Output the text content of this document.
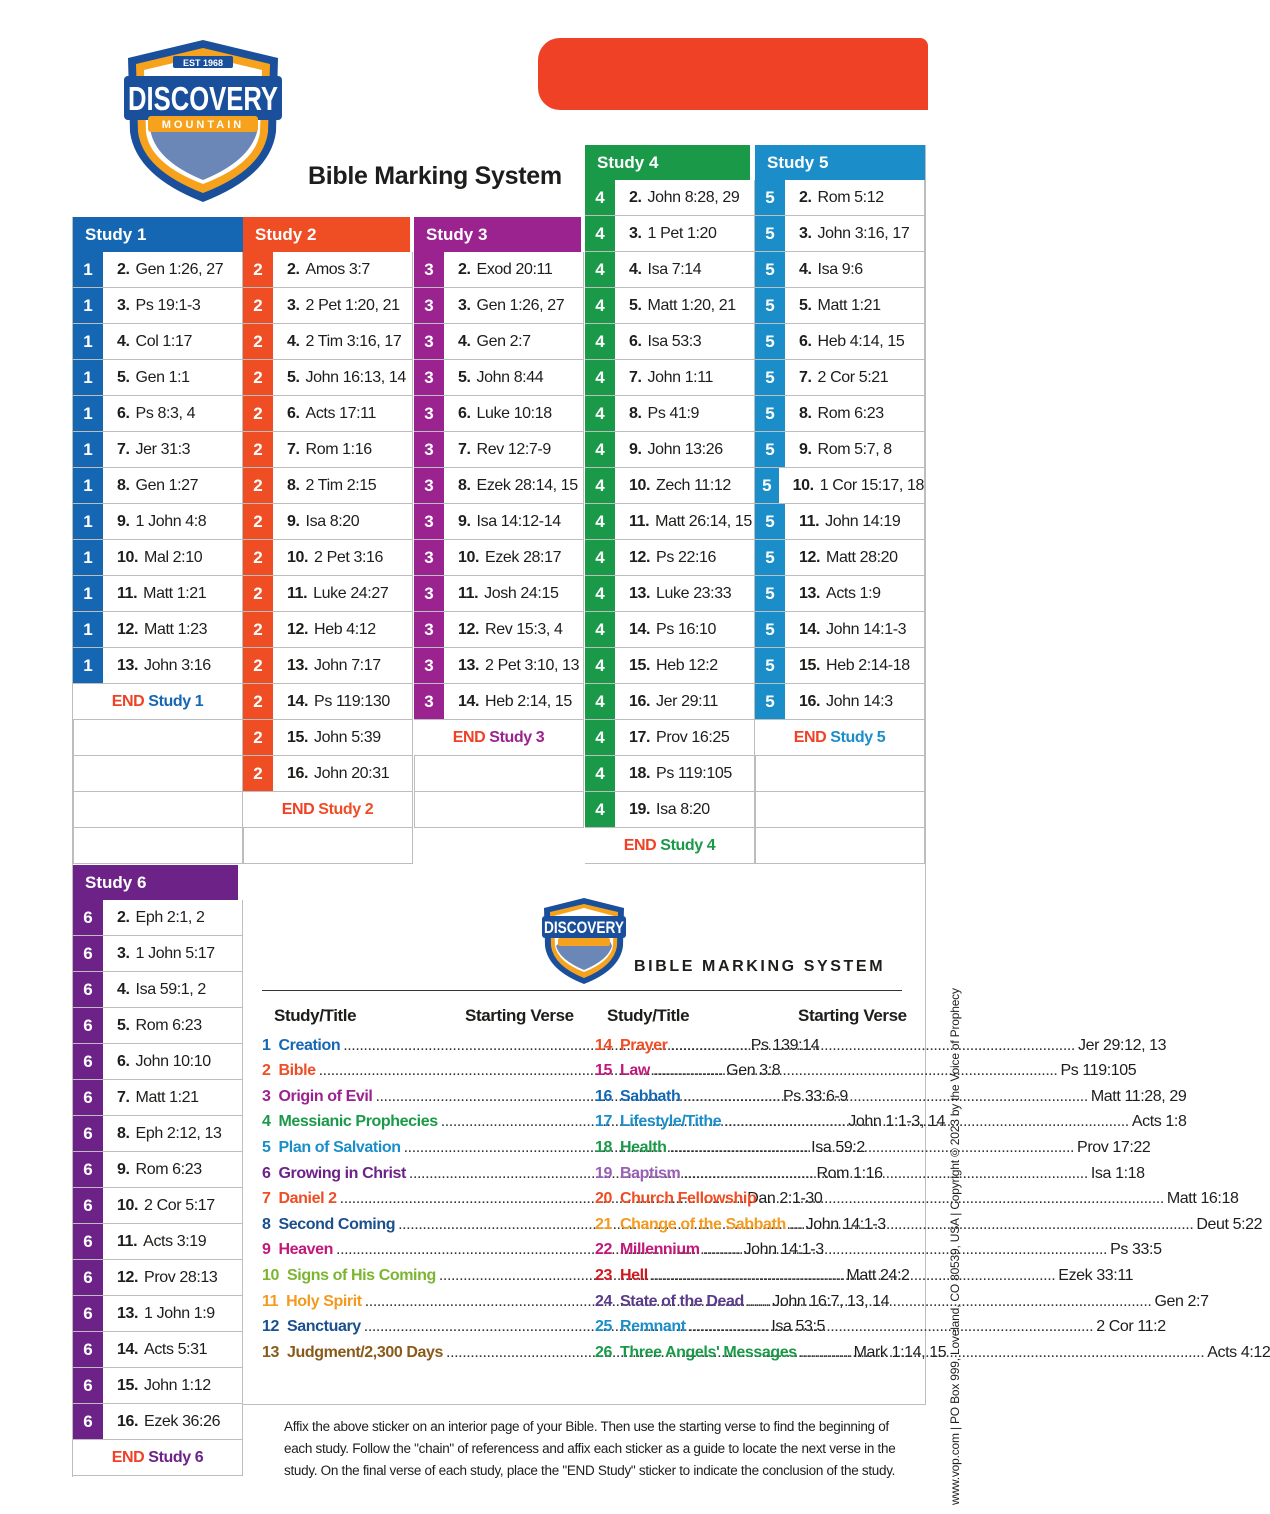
EST 1968
DISCOVERY
MOUNTAIN
Bible Marking System
Study 1
1	2. Gen 1:26, 27
1	3. Ps 19:1-3
1	4. Col 1:17
1	5. Gen 1:1
1	6. Ps 8:3, 4
1	7. Jer 31:3
1	8. Gen 1:27
1	9. 1 John 4:8
1	10. Mal 2:10
1	11. Matt 1:21
1	12. Matt 1:23
1	13. John 3:16
END Study 1
Study 2
2	2. Amos 3:7
2	3. 2 Pet 1:20, 21
2	4. 2 Tim 3:16, 17
2	5. John 16:13, 14
2	6. Acts 17:11
2	7. Rom 1:16
2	8. 2 Tim 2:15
2	9. Isa 8:20
2	10. 2 Pet 3:16
2	11. Luke 24:27
2	12. Heb 4:12
2	13. John 7:17
2	14. Ps 119:130
2	15. John 5:39
2	16. John 20:31
END Study 2
Study 3
3	2. Exod 20:11
3	3. Gen 1:26, 27
3	4. Gen 2:7
3	5. John 8:44
3	6. Luke 10:18
3	7. Rev 12:7-9
3	8. Ezek 28:14, 15
3	9. Isa 14:12-14
3	10. Ezek 28:17
3	11. Josh 24:15
3	12. Rev 15:3, 4
3	13. 2 Pet 3:10, 13
3	14. Heb 2:14, 15
END Study 3
Study 4
4	2. John 8:28, 29
4	3. 1 Pet 1:20
4	4. Isa 7:14
4	5. Matt 1:20, 21
4	6. Isa 53:3
4	7. John 1:11
4	8. Ps 41:9
4	9. John 13:26
4	10. Zech 11:12
4	11. Matt 26:14, 15
4	12. Ps 22:16
4	13. Luke 23:33
4	14. Ps 16:10
4	15. Heb 12:2
4	16. Jer 29:11
4	17. Prov 16:25
4	18. Ps 119:105
4	19. Isa 8:20
END Study 4
Study 5
5	2. Rom 5:12
5	3. John 3:16, 17
5	4. Isa 9:6
5	5. Matt 1:21
5	6. Heb 4:14, 15
5	7. 2 Cor 5:21
5	8. Rom 6:23
5	9. Rom 5:7, 8
5	10. 1 Cor 15:17, 18
5	11. John 14:19
5	12. Matt 28:20
5	13. Acts 1:9
5	14. John 14:1-3
5	15. Heb 2:14-18
5	16. John 14:3
END Study 5
Study 6
6	2. Eph 2:1, 2
6	3. 1 John 5:17
6	4. Isa 59:1, 2
6	5. Rom 6:23
6	6. John 10:10
6	7. Matt 1:21
6	8. Eph 2:12, 13
6	9. Rom 6:23
6	10. 2 Cor 5:17
6	11. Acts 3:19
6	12. Prov 28:13
6	13. 1 John 1:9
6	14. Acts 5:31
6	15. John 1:12
6	16. Ezek 36:26
END Study 6
DISCOVERY
BIBLE MARKING SYSTEM
Study/Title	Starting Verse Study/Title	Starting Verse
1 Creation .....	Ps 139:14
2 Bible .....	Gen 3:8
3 Origin of Evil .....	Ps 33:6-9
4 Messianic Prophecies .....	John 1:1-3, 14
5 Plan of Salvation .....	Isa 59:2
6 Growing in Christ .....	Rom 1:16
7 Daniel 2 .....	Dan 2:1-30
8 Second Coming .....	John 14:1-3
9 Heaven .....	John 14:1-3
10 Signs of His Coming .....	Matt 24:2
11 Holy Spirit .....	John 16:7, 13, 14
12 Sanctuary .....	Isa 53:5
13 Judgment/2,300 Days .....	Mark 1:14, 15
14 Prayer .....	Jer 29:12, 13
15 Law .....	Ps 119:105
16 Sabbath .....	Matt 11:28, 29
17 Lifestyle/Tithe .....	Acts 1:8
18 Health .....	Prov 17:22
19 Baptism .....	Isa 1:18
20 Church Fellowship .....	Matt 16:18
21 Change of the Sabbath .....	Deut 5:22
22 Millennium .....	Ps 33:5
23 Hell .....	Ezek 33:11
24 State of the Dead .....	Gen 2:7
25 Remnant .....	2 Cor 11:2
26 Three Angels' Messages .....	Acts 4:12
Affix the above sticker on an interior page of your Bible. Then use the starting verse to find the beginning of each study. Follow the "chain" of referencess and affix each sticker as a guide to locate the next verse in the study. On the final verse of each study, place the "END Study" sticker to indicate the conclusion of the study.	www.vop.com | PO Box 999, Loveland, CO 80539, USA | Copyright © 2023 by the Voice of Prophecy
